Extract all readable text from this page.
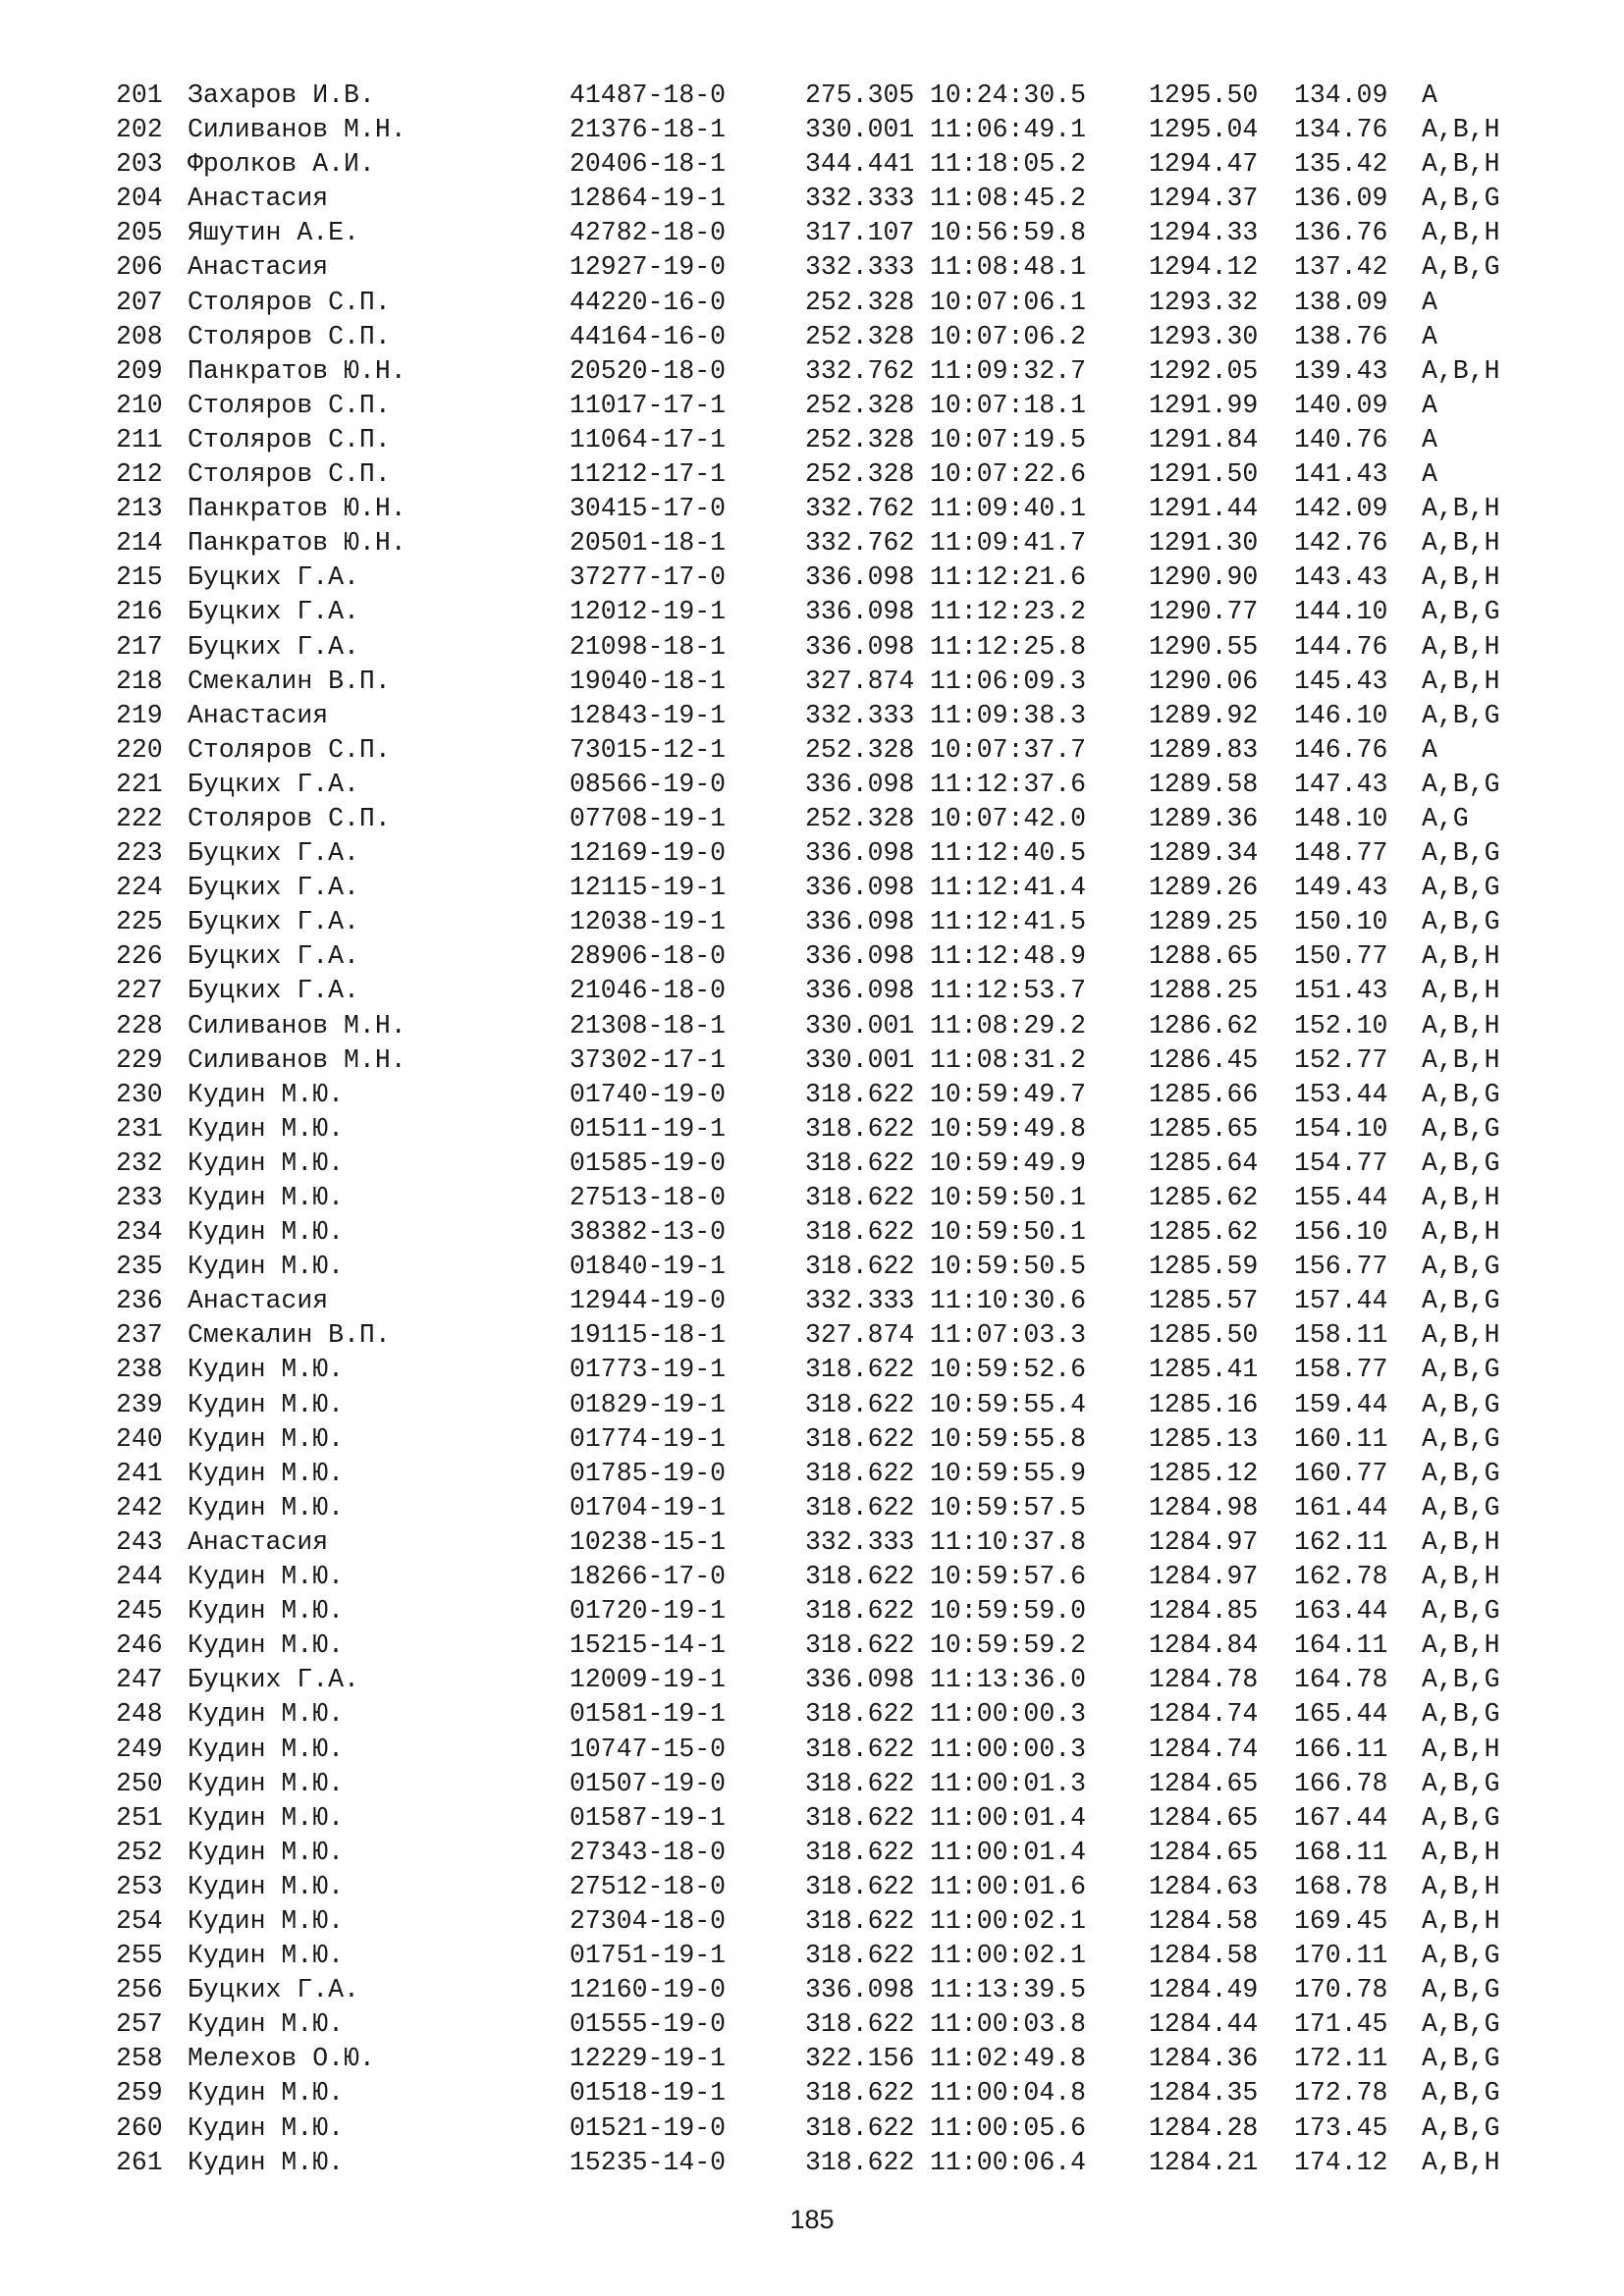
201 Захаров И.В.	41487-18-0	275.305 10:24:30.5 1295.50 134.09 A
202 Силиванов М.Н.	21376-18-1	330.001 11:06:49.1 1295.04 134.76 A,B,H
203 Фролков А.И.	20406-18-1	344.441 11:18:05.2 1294.47 135.42 A,B,H
204 Анастасия	12864-19-1	332.333 11:08:45.2 1294.37 136.09 A,B,G
205 Яшутин А.Е.	42782-18-0	317.107 10:56:59.8 1294.33 136.76 A,B,H
206 Анастасия	12927-19-0	332.333 11:08:48.1 1294.12 137.42 A,B,G
207 Столяров С.П.	44220-16-0	252.328 10:07:06.1 1293.32 138.09 A
208 Столяров С.П.	44164-16-0	252.328 10:07:06.2 1293.30 138.76 A
209 Панкратов Ю.Н.	20520-18-0	332.762 11:09:32.7 1292.05 139.43 A,B,H
210 Столяров С.П.	11017-17-1	252.328 10:07:18.1 1291.99 140.09 A
211 Столяров С.П.	11064-17-1	252.328 10:07:19.5 1291.84 140.76 A
212 Столяров С.П.	11212-17-1	252.328 10:07:22.6 1291.50 141.43 A
213 Панкратов Ю.Н.	30415-17-0	332.762 11:09:40.1 1291.44 142.09 A,B,H
214 Панкратов Ю.Н.	20501-18-1	332.762 11:09:41.7 1291.30 142.76 A,B,H
215 Буцких Г.А.	37277-17-0	336.098 11:12:21.6 1290.90 143.43 A,B,H
216 Буцких Г.А.	12012-19-1	336.098 11:12:23.2 1290.77 144.10 A,B,G
217 Буцких Г.А.	21098-18-1	336.098 11:12:25.8 1290.55 144.76 A,B,H
218 Смекалин В.П.	19040-18-1	327.874 11:06:09.3 1290.06 145.43 A,B,H
219 Анастасия	12843-19-1	332.333 11:09:38.3 1289.92 146.10 A,B,G
220 Столяров С.П.	73015-12-1	252.328 10:07:37.7 1289.83 146.76 A
221 Буцких Г.А.	08566-19-0	336.098 11:12:37.6 1289.58 147.43 A,B,G
222 Столяров С.П.	07708-19-1	252.328 10:07:42.0 1289.36 148.10 A,G
223 Буцких Г.А.	12169-19-0	336.098 11:12:40.5 1289.34 148.77 A,B,G
224 Буцких Г.А.	12115-19-1	336.098 11:12:41.4 1289.26 149.43 A,B,G
225 Буцких Г.А.	12038-19-1	336.098 11:12:41.5 1289.25 150.10 A,B,G
226 Буцких Г.А.	28906-18-0	336.098 11:12:48.9 1288.65 150.77 A,B,H
227 Буцких Г.А.	21046-18-0	336.098 11:12:53.7 1288.25 151.43 A,B,H
228 Силиванов М.Н.	21308-18-1	330.001 11:08:29.2 1286.62 152.10 A,B,H
229 Силиванов М.Н.	37302-17-1	330.001 11:08:31.2 1286.45 152.77 A,B,H
230 Кудин М.Ю.	01740-19-0	318.622 10:59:49.7 1285.66 153.44 A,B,G
231 Кудин М.Ю.	01511-19-1	318.622 10:59:49.8 1285.65 154.10 A,B,G
232 Кудин М.Ю.	01585-19-0	318.622 10:59:49.9 1285.64 154.77 A,B,G
233 Кудин М.Ю.	27513-18-0	318.622 10:59:50.1 1285.62 155.44 A,B,H
234 Кудин М.Ю.	38382-13-0	318.622 10:59:50.1 1285.62 156.10 A,B,H
235 Кудин М.Ю.	01840-19-1	318.622 10:59:50.5 1285.59 156.77 A,B,G
236 Анастасия	12944-19-0	332.333 11:10:30.6 1285.57 157.44 A,B,G
237 Смекалин В.П.	19115-18-1	327.874 11:07:03.3 1285.50 158.11 A,B,H
238 Кудин М.Ю.	01773-19-1	318.622 10:59:52.6 1285.41 158.77 A,B,G
239 Кудин М.Ю.	01829-19-1	318.622 10:59:55.4 1285.16 159.44 A,B,G
240 Кудин М.Ю.	01774-19-1	318.622 10:59:55.8 1285.13 160.11 A,B,G
241 Кудин М.Ю.	01785-19-0	318.622 10:59:55.9 1285.12 160.77 A,B,G
242 Кудин М.Ю.	01704-19-1	318.622 10:59:57.5 1284.98 161.44 A,B,G
243 Анастасия	10238-15-1	332.333 11:10:37.8 1284.97 162.11 A,B,H
244 Кудин М.Ю.	18266-17-0	318.622 10:59:57.6 1284.97 162.78 A,B,H
245 Кудин М.Ю.	01720-19-1	318.622 10:59:59.0 1284.85 163.44 A,B,G
246 Кудин М.Ю.	15215-14-1	318.622 10:59:59.2 1284.84 164.11 A,B,H
247 Буцких Г.А.	12009-19-1	336.098 11:13:36.0 1284.78 164.78 A,B,G
248 Кудин М.Ю.	01581-19-1	318.622 11:00:00.3 1284.74 165.44 A,B,G
249 Кудин М.Ю.	10747-15-0	318.622 11:00:00.3 1284.74 166.11 A,B,H
250 Кудин М.Ю.	01507-19-0	318.622 11:00:01.3 1284.65 166.78 A,B,G
251 Кудин М.Ю.	01587-19-1	318.622 11:00:01.4 1284.65 167.44 A,B,G
252 Кудин М.Ю.	27343-18-0	318.622 11:00:01.4 1284.65 168.11 A,B,H
253 Кудин М.Ю.	27512-18-0	318.622 11:00:01.6 1284.63 168.78 A,B,H
254 Кудин М.Ю.	27304-18-0	318.622 11:00:02.1 1284.58 169.45 A,B,H
255 Кудин М.Ю.	01751-19-1	318.622 11:00:02.1 1284.58 170.11 A,B,G
256 Буцких Г.А.	12160-19-0	336.098 11:13:39.5 1284.49 170.78 A,B,G
257 Кудин М.Ю.	01555-19-0	318.622 11:00:03.8 1284.44 171.45 A,B,G
258 Мелехов О.Ю.	12229-19-1	322.156 11:02:49.8 1284.36 172.11 A,B,G
259 Кудин М.Ю.	01518-19-1	318.622 11:00:04.8 1284.35 172.78 A,B,G
260 Кудин М.Ю.	01521-19-0	318.622 11:00:05.6 1284.28 173.45 A,B,G
261 Кудин М.Ю.	15235-14-0	318.622 11:00:06.4 1284.21 174.12 A,B,H
185
